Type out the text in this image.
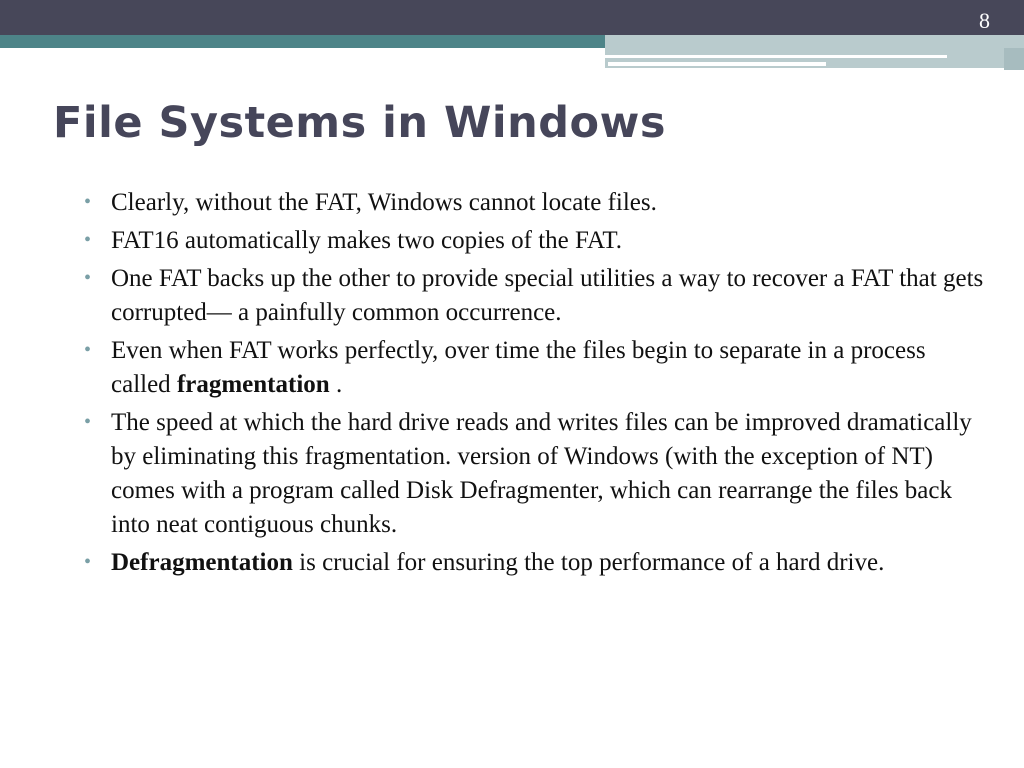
8
File Systems in Windows
• Clearly, without the FAT, Windows cannot locate files.
• FAT16 automatically makes two copies of the FAT.
• One FAT backs up the other to provide special utilities a way to recover a FAT that gets corrupted— a painfully common occurrence.
• Even when FAT works perfectly, over time the files begin to separate in a process called fragmentation .
• The speed at which the hard drive reads and writes files can be improved dramatically by eliminating this fragmentation. version of Windows (with the exception of NT) comes with a program called Disk Defragmenter, which can rearrange the files back into neat contiguous chunks.
• Defragmentation is crucial for ensuring the top performance of a hard drive.
